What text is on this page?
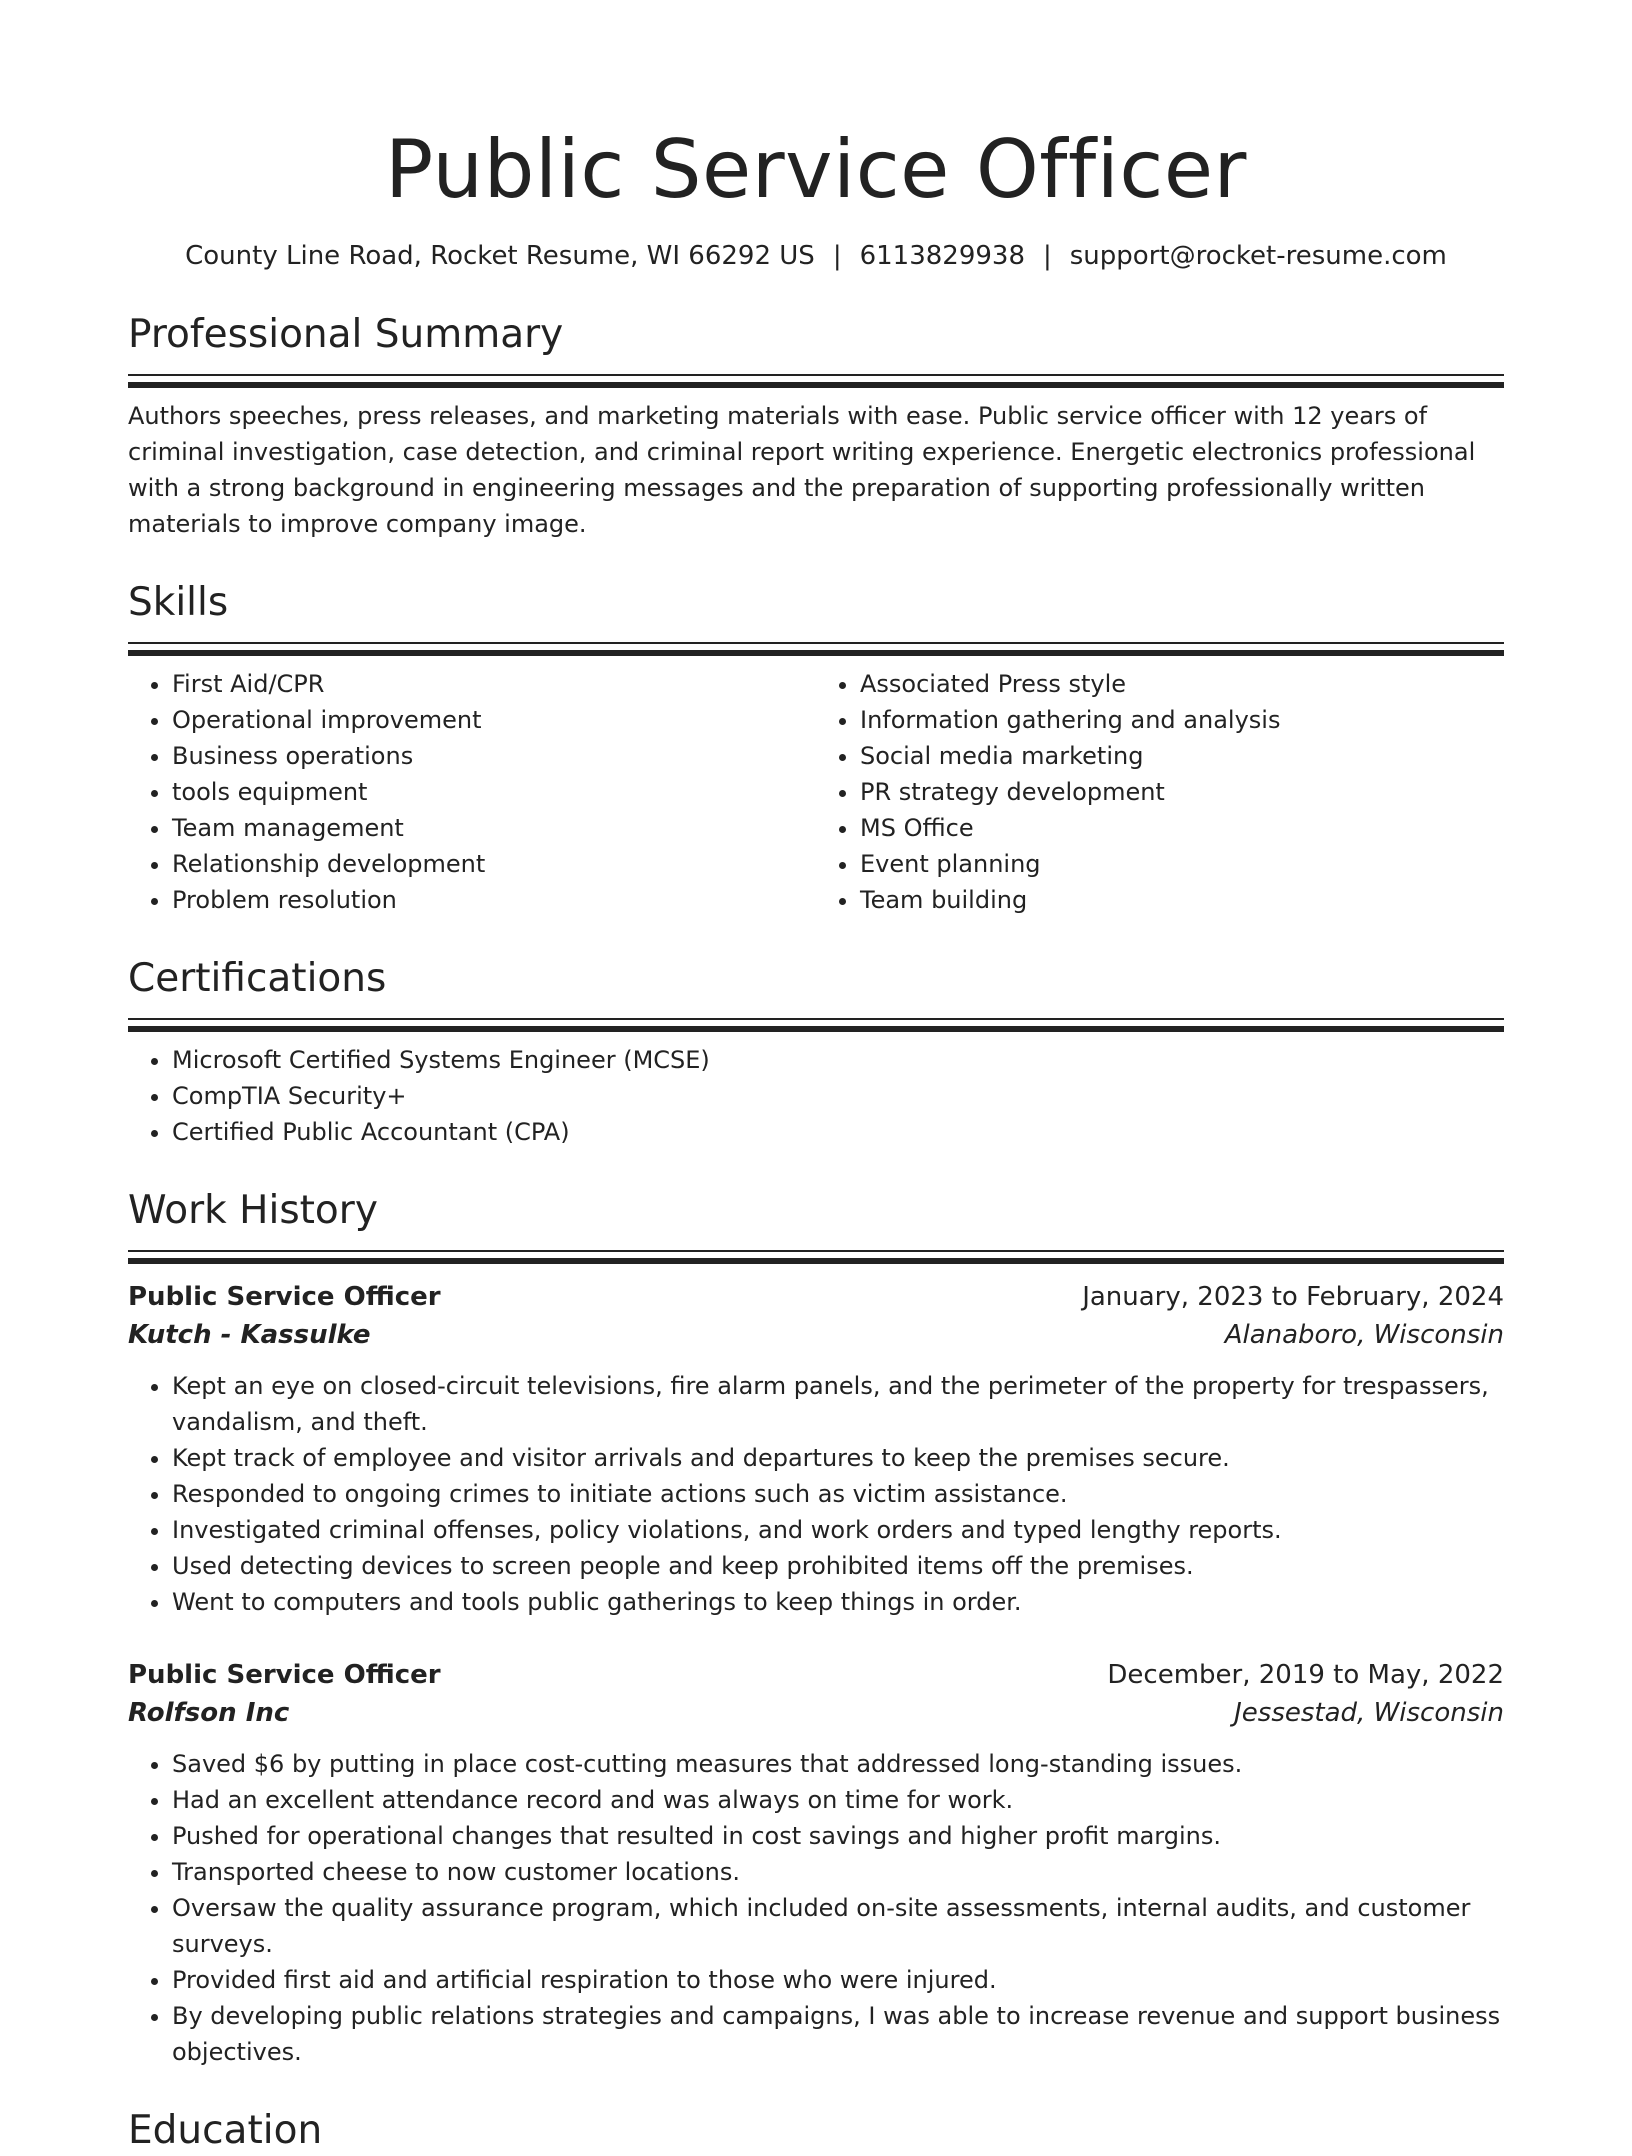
Public Service Officer
County Line Road, Rocket Resume, WI 66292 US | 6113829938 | support@rocket-resume.com
Professional Summary
Authors speeches, press releases, and marketing materials with ease. Public service officer with 12 years of criminal investigation, case detection, and criminal report writing experience. Energetic electronics professional with a strong background in engineering messages and the preparation of supporting professionally written materials to improve company image.
Skills
• First Aid/CPR
• Operational improvement
• Business operations
• tools equipment
• Team management
• Relationship development
• Problem resolution
• Associated Press style
• Information gathering and analysis
• Social media marketing
• PR strategy development
• MS Office
• Event planning
• Team building
Certifications
• Microsoft Certified Systems Engineer (MCSE)
• CompTIA Security+
• Certified Public Accountant (CPA)
Work History
Public Service Officer	January, 2023 to February, 2024
Kutch - Kassulke	Alanaboro, Wisconsin
• Kept an eye on closed-circuit televisions, fire alarm panels, and the perimeter of the property for trespassers, vandalism, and theft.
• Kept track of employee and visitor arrivals and departures to keep the premises secure.
• Responded to ongoing crimes to initiate actions such as victim assistance.
• Investigated criminal offenses, policy violations, and work orders and typed lengthy reports.
• Used detecting devices to screen people and keep prohibited items off the premises.
• Went to computers and tools public gatherings to keep things in order.
Public Service Officer	December, 2019 to May, 2022
Rolfson Inc	Jessestad, Wisconsin
• Saved $6 by putting in place cost-cutting measures that addressed long-standing issues.
• Had an excellent attendance record and was always on time for work.
• Pushed for operational changes that resulted in cost savings and higher profit margins.
• Transported cheese to now customer locations.
• Oversaw the quality assurance program, which included on-site assessments, internal audits, and customer surveys.
• Provided first aid and artificial respiration to those who were injured.
• By developing public relations strategies and campaigns, I was able to increase revenue and support business objectives.
Education
